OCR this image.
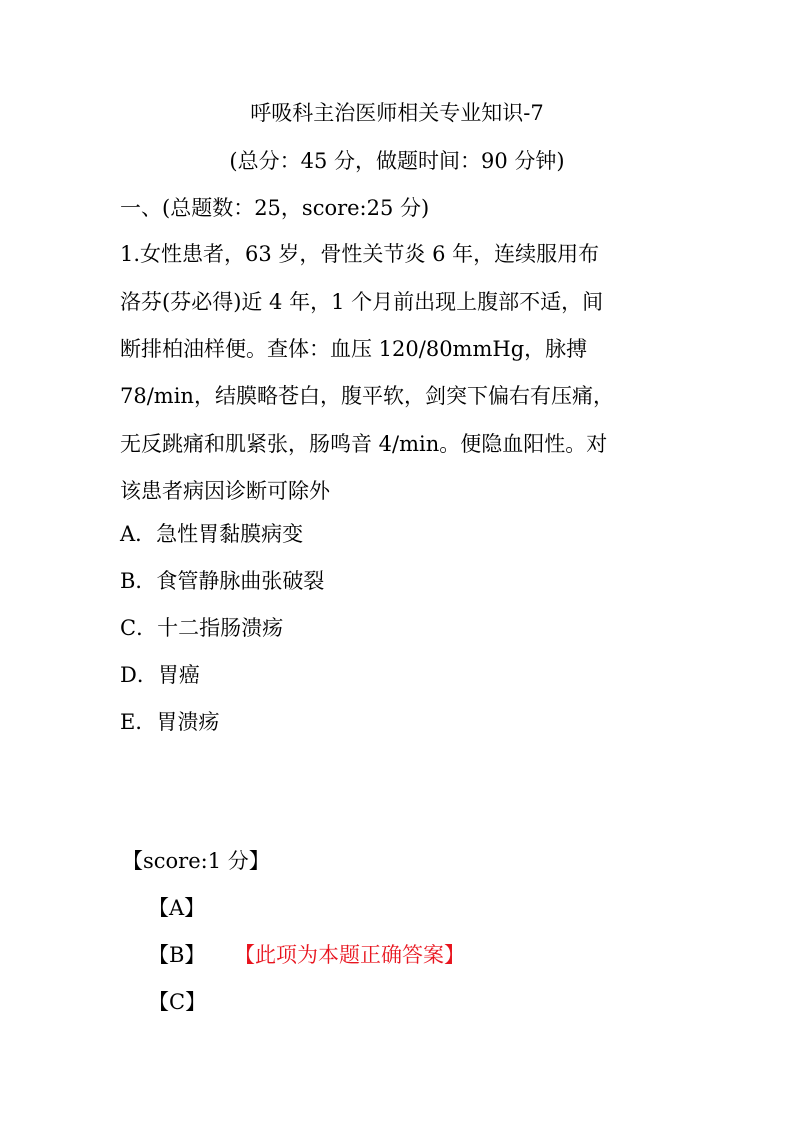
呼吸科主治医师相关专业知识-7
(总分：45 分，做题时间：90 分钟)
一、(总题数：25，score:25 分)
1.女性患者，63 岁，骨性关节炎 6 年，连续服用布
洛芬(芬必得)近 4 年，1 个月前出现上腹部不适，间
断排柏油样便。查体：血压 120/80mmHg，脉搏
78/min，结膜略苍白，腹平软，剑突下偏右有压痛，
无反跳痛和肌紧张，肠鸣音 4/min。便隐血阳性。对
该患者病因诊断可除外
A．急性胃黏膜病变
B．食管静脉曲张破裂
C．十二指肠溃疡
D．胃癌
E．胃溃疡
【score:1 分】
【A】
【B】 【此项为本题正确答案】
【C】
